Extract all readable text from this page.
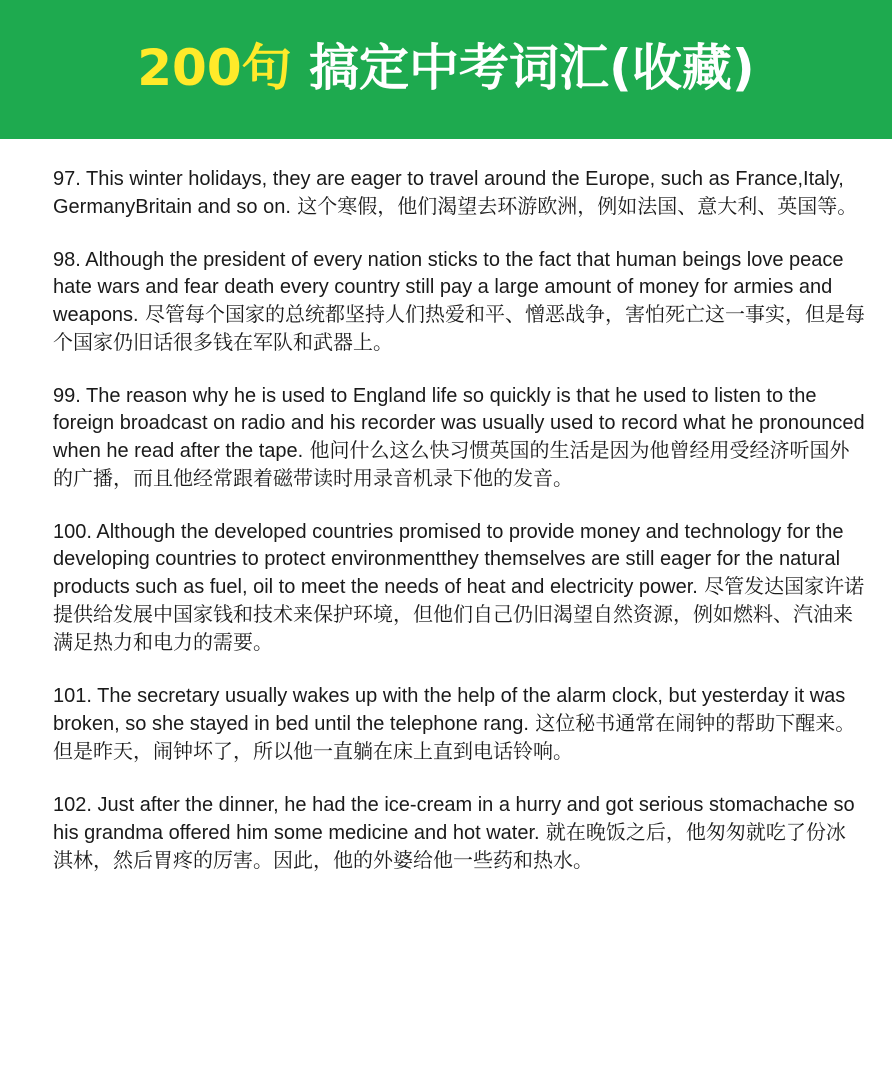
200句 搞定中考词汇(收藏)

97. This winter holidays, they are eager to travel around the Europe, such as France,Italy, GermanyBritain and so on. 这个寒假，他们渴望去环游欧洲，例如法国、意大利、英国等。

98. Although the president of every nation sticks to the fact that human beings love peace hate wars and fear death every country still pay a large amount of money for armies and weapons. 尽管每个国家的总统都坚持人们热爱和平、憎恶战争，害怕死亡这一事实，但是每个国家仍旧话很多钱在军队和武器上。

99. The reason why he is used to England life so quickly is that he used to listen to the foreign broadcast on radio and his recorder was usually used to record what he pronounced when he read after the tape. 他问什么这么快习惯英国的生活是因为他曾经用受经济听国外的广播，而且他经常跟着磁带读时用录音机录下他的发音。

100. Although the developed countries promised to provide money and technology for the developing countries to protect environmentthey themselves are still eager for the natural products such as fuel, oil to meet the needs of heat and electricity power. 尽管发达国家许诺提供给发展中国家钱和技术来保护环境，但他们自己仍旧渴望自然资源，例如燃料、汽油来满足热力和电力的需要。

101. The secretary usually wakes up with the help of the alarm clock, but yesterday it was broken, so she stayed in bed until the telephone rang. 这位秘书通常在闹钟的帮助下醒来。但是昨天，闹钟坏了，所以他一直躺在床上直到电话铃响。

102. Just after the dinner, he had the ice-cream in a hurry and got serious stomachache so his grandma offered him some medicine and hot water. 就在晚饭之后，他匆匆就吃了份冰淇林，然后胃疼的厉害。因此，他的外婆给他一些药和热水。
